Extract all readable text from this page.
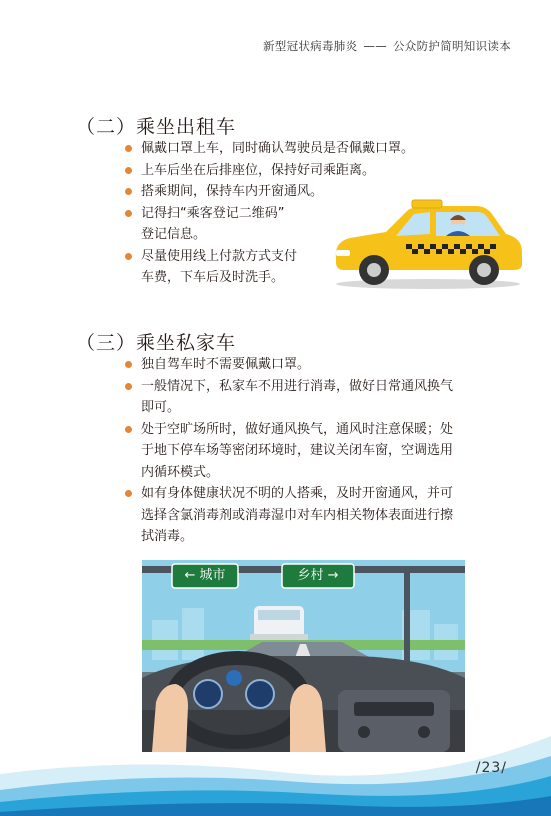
新型冠状病毒肺炎 —— 公众防护简明知识读本
（二）乘坐出租车
佩戴口罩上车，同时确认驾驶员是否佩戴口罩。
上车后坐在后排座位，保持好司乘距离。
搭乘期间，保持车内开窗通风。
记得扫“乘客登记二维码”
登记信息。
尽量使用线上付款方式支付
车费，下车后及时洗手。
（三）乘坐私家车
独自驾车时不需要佩戴口罩。
一般情况下，私家车不用进行消毒，做好日常通风换气
即可。
处于空旷场所时，做好通风换气，通风时注意保暖；处
于地下停车场等密闭环境时，建议关闭车窗，空调选用
内循环模式。
如有身体健康状况不明的人搭乘，及时开窗通风，并可
选择含氯消毒剂或消毒湿巾对车内相关物体表面进行擦
拭消毒。
← 城市	乡村 →
/23/
